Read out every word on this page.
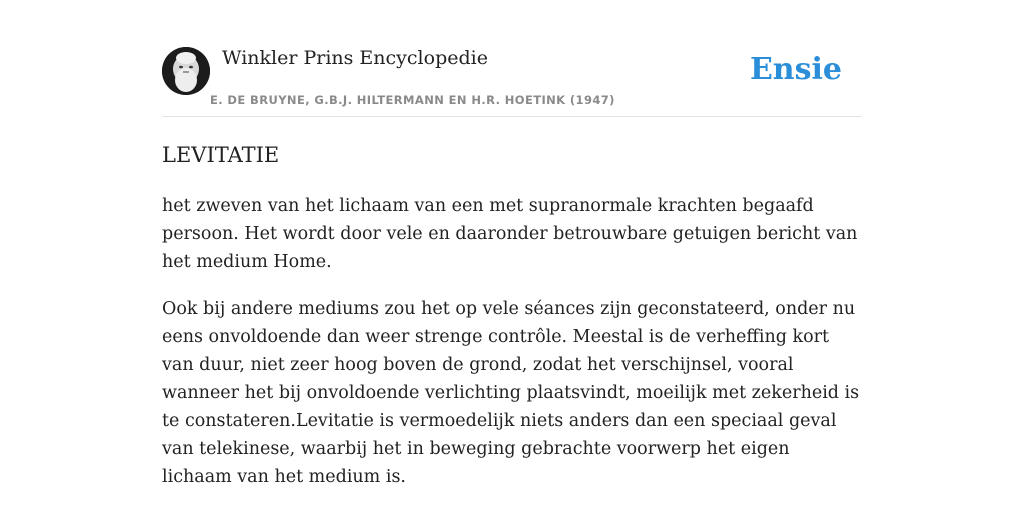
Winkler Prins Encyclopedie
E. DE BRUYNE, G.B.J. HILTERMANN EN H.R. HOETINK (1947)
Ensie
LEVITATIE

het zweven van het lichaam van een met supranormale krachten begaafd persoon. Het wordt door vele en daaronder betrouwbare getuigen bericht van het medium Home.

Ook bij andere mediums zou het op vele séances zijn geconstateerd, onder nu eens onvoldoende dan weer strenge contrôle. Meestal is de verheffing kort van duur, niet zeer hoog boven de grond, zodat het verschijnsel, vooral wanneer het bij onvoldoende verlichting plaatsvindt, moeilijk met zekerheid is te constateren.Levitatie is vermoedelijk niets anders dan een speciaal geval van telekinese, waarbij het in beweging gebrachte voorwerp het eigen lichaam van het medium is.
